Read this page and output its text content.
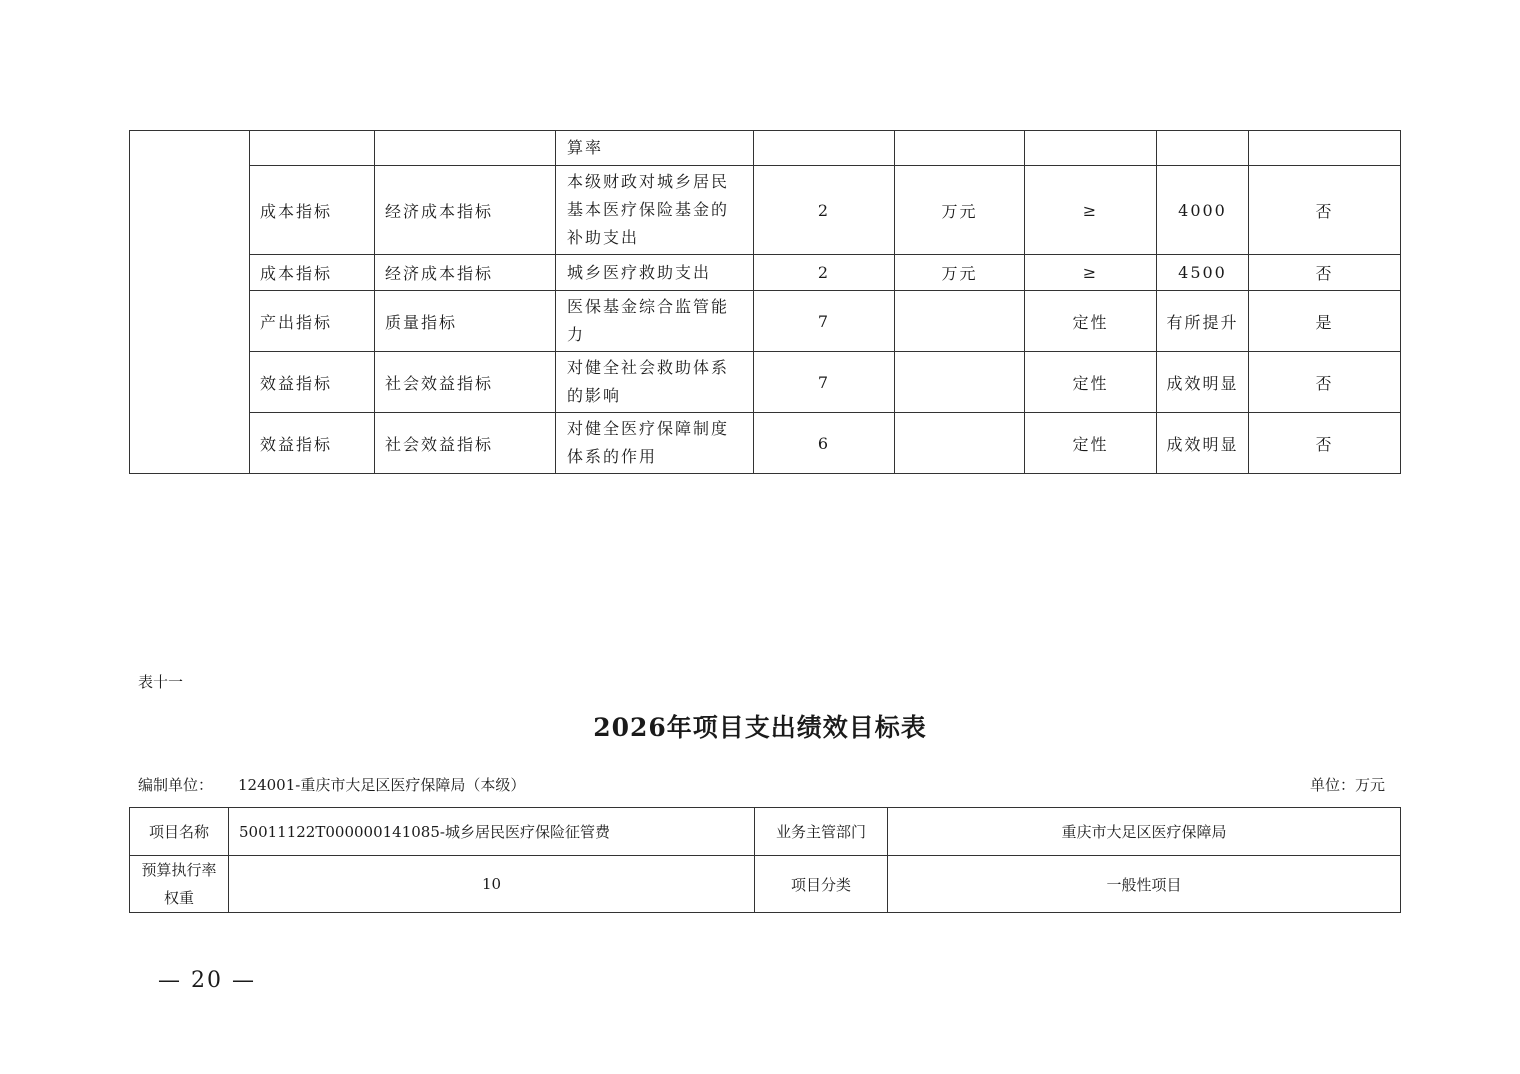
			算率					
	成本指标	经济成本指标	本级财政对城乡居民基本医疗保险基金的补助支出	2	万元	≥	4000	否
	成本指标	经济成本指标	城乡医疗救助支出	2	万元	≥	4500	否
	产出指标	质量指标	医保基金综合监管能力	7		定性	有所提升	是
	效益指标	社会效益指标	对健全社会救助体系的影响	7		定性	成效明显	否
	效益指标	社会效益指标	对健全医疗保障制度体系的作用	6		定性	成效明显	否
表十一
2026年项目支出绩效目标表
编制单位： 124001-重庆市大足区医疗保障局（本级）	单位：万元
项目名称	50011122T000000141085-城乡居民医疗保险征管费	业务主管部门	重庆市大足区医疗保障局
预算执行率权重	10	项目分类	一般性项目
— 20 —
